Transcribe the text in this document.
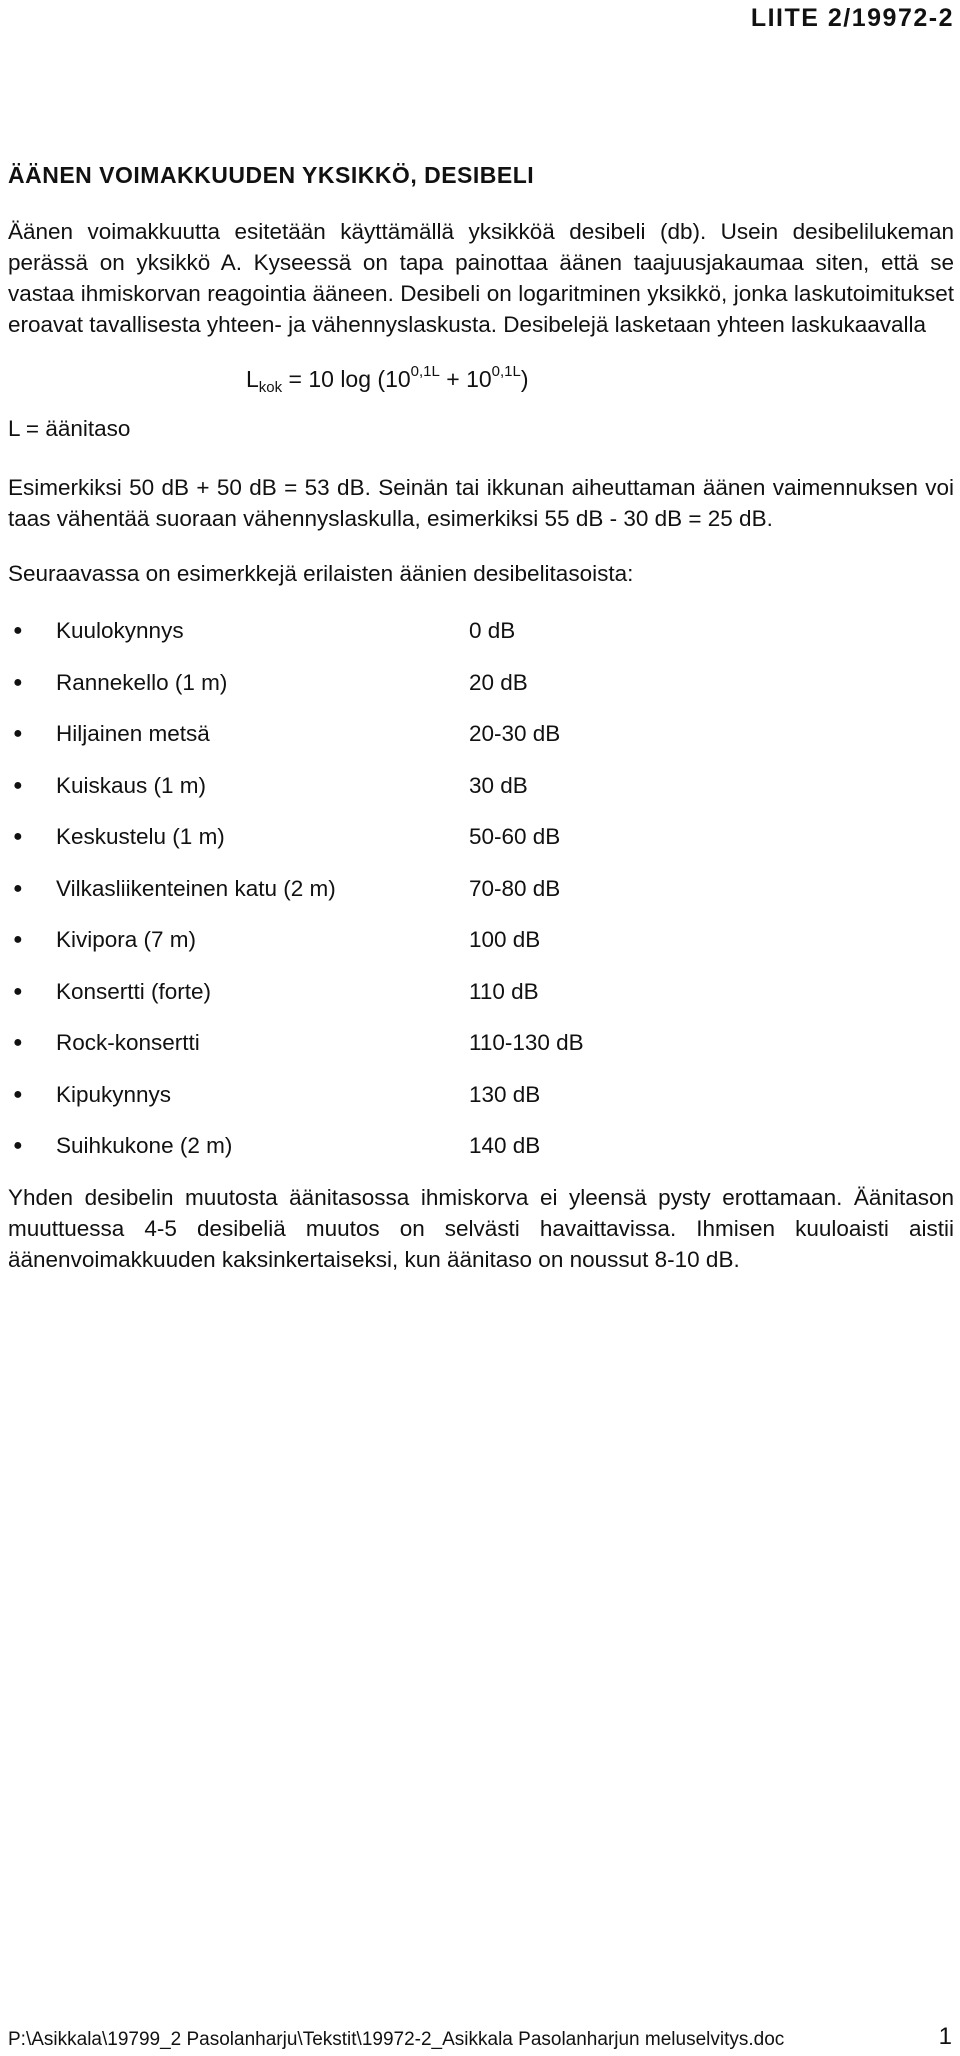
LIITE 2/19972-2
ÄÄNEN VOIMAKKUUDEN YKSIKKÖ, DESIBELI

Äänen voimakkuutta esitetään käyttämällä yksikköä desibeli (db). Usein desibelilukeman perässä on yksikkö A. Kyseessä on tapa painottaa äänen taajuusjakaumaa siten, että se vastaa ihmiskorvan reagointia ääneen. Desibeli on logaritminen yksikkö, jonka laskutoimitukset eroavat tavallisesta yhteen- ja vähennyslaskusta. Desibelejä lasketaan yhteen laskukaavalla

$L_{kok} = 10$ $\log (10^{0,1L} + 10^{0,1L})$

L = äänitaso

Esimerkiksi 50 dB + 50 dB = 53 dB. Seinän tai ikkunan aiheuttaman äänen vaimennuksen voi taas vähentää suoraan vähennyslaskulla, esimerkiksi 55 dB - 30 dB = 25 dB.

Seuraavassa on esimerkkejä erilaisten äänien desibelitasoista:

●	Kuulokynnys	0 dB
●	Rannekello (1 m)	20 dB
●	Hiljainen metsä	20-30 dB
●	Kuiskaus (1 m)	30 dB
●	Keskustelu (1 m)	50-60 dB
●	Vilkasliikenteinen katu (2 m)	70-80 dB
●	Kivipora (7 m)	100 dB
●	Konsertti (forte)	110 dB
●	Rock-konsertti	110-130 dB
●	Kipukynnys	130 dB
●	Suihkukone (2 m)	140 dB

Yhden desibelin muutosta äänitasossa ihmiskorva ei yleensä pysty erottamaan. Äänitason muuttuessa 4-5 desibeliä muutos on selvästi havaittavissa. Ihmisen kuuloaisti aistii äänenvoimakkuuden kaksinkertaiseksi, kun äänitaso on noussut 8-10 dB.

P:\Asikkala\19799_2 Pasolanharju\Tekstit\19972-2_Asikkala Pasolanharjun meluselvitys.doc	1
